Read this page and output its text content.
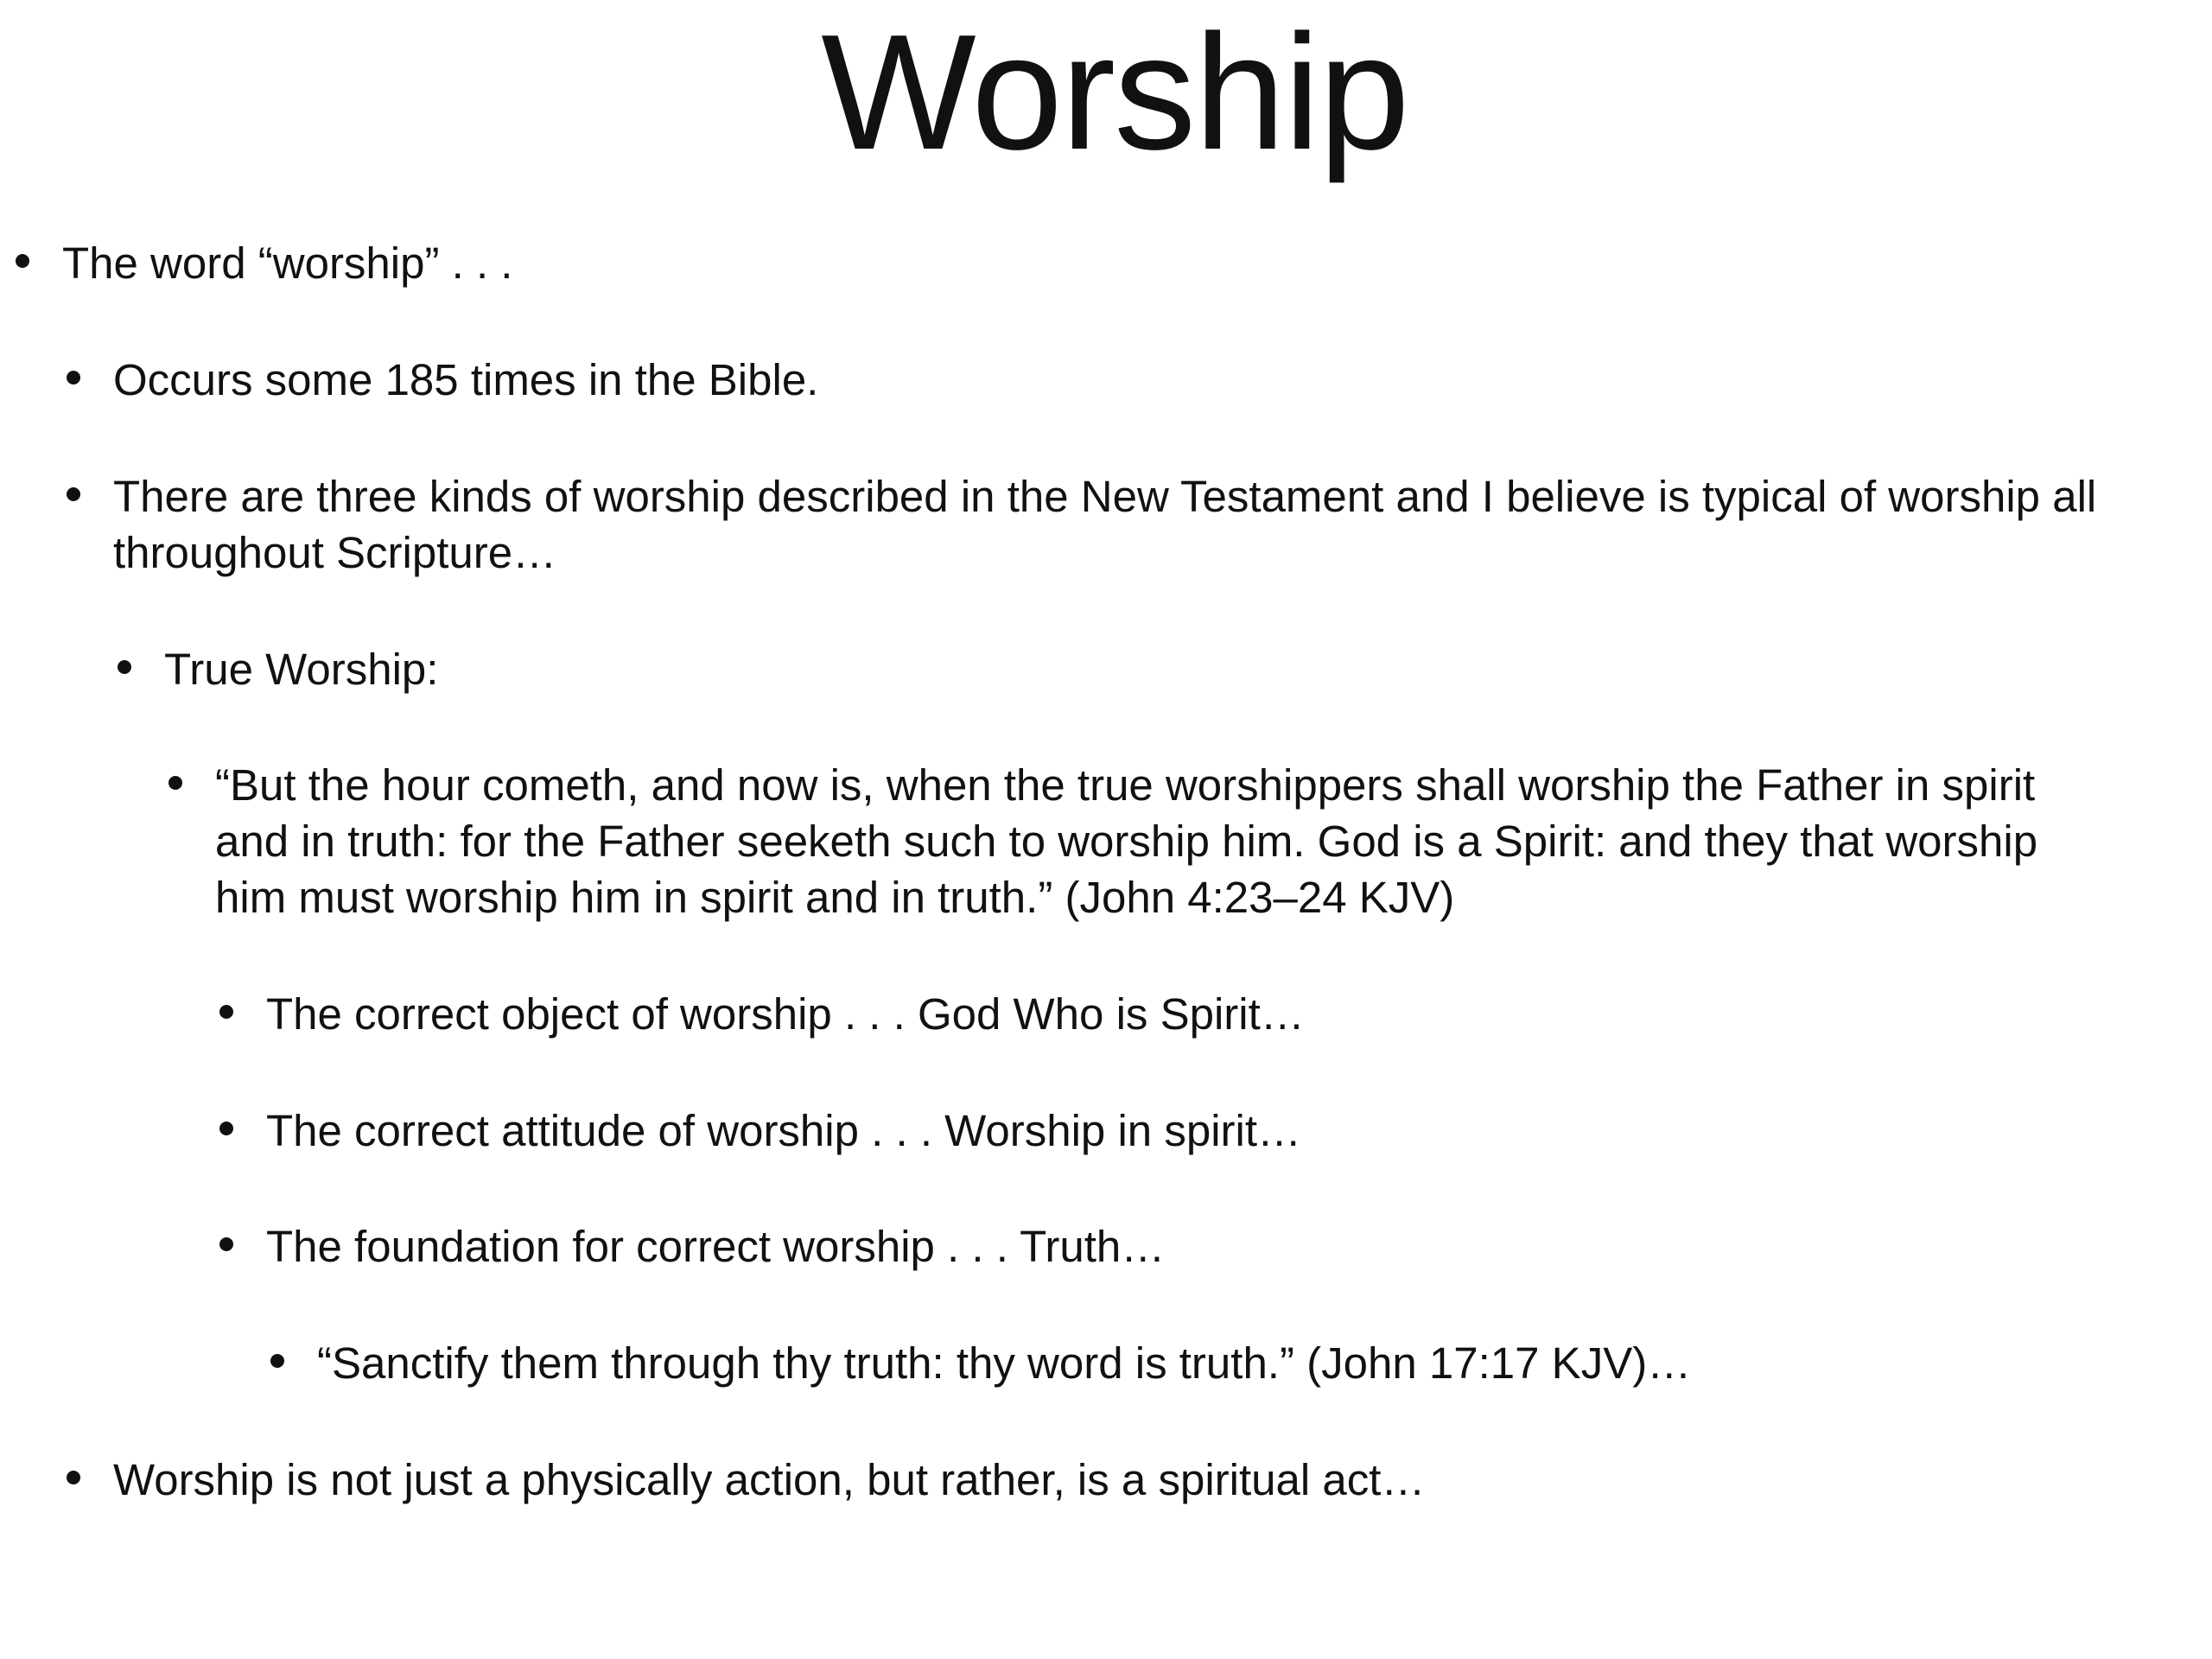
Worship
The word “worship” . . .
Occurs some 185 times in the Bible.
There are three kinds of worship described in the New Testament and I believe is typical of worship all
throughout Scripture…
True Worship:
“But the hour cometh, and now is, when the true worshippers shall worship the Father in spirit
and in truth: for the Father seeketh such to worship him. God is a Spirit: and they that worship
him must worship him in spirit and in truth.” (John 4:23–24 KJV)
The correct object of worship . . . God Who is Spirit…
The correct attitude of worship . . . Worship in spirit…
The foundation for correct worship . . . Truth…
“Sanctify them through thy truth: thy word is truth.” (John 17:17 KJV)…
Worship is not just a physically action, but rather, is a spiritual act…
